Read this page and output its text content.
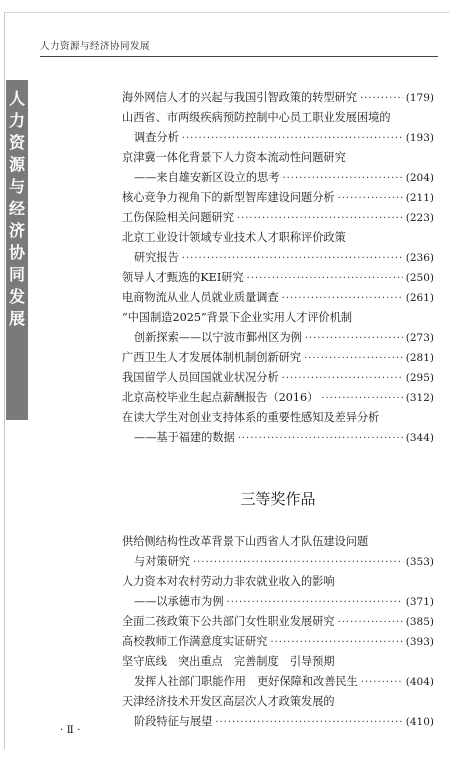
人力资源与经济协同发展
人
力
资
源
与
经
济
协
同
发
展
海外网信人才的兴起与我国引智政策的转型研究 ·····	(179)
山西省、市两级疾病预防控制中心员工职业发展困境的
调查分析 ·····	(193)
京津冀一体化背景下人力资本流动性问题研究
——来自雄安新区设立的思考 ·····	(204)
核心竞争力视角下的新型智库建设问题分析 ·····	(211)
工伤保险相关问题研究 ·····	(223)
北京工业设计领域专业技术人才职称评价政策
研究报告 ·····	(236)
领导人才甄选的KEI研究 ·····	(250)
电商物流从业人员就业质量调查 ·····	(261)
“中国制造2025”背景下企业实用人才评价机制
创新探索——以宁波市鄞州区为例 ·····	(273)
广西卫生人才发展体制机制创新研究 ·····	(281)
我国留学人员回国就业状况分析 ·····	(295)
北京高校毕业生起点薪酬报告（2016） ·····	(312)
在读大学生对创业支持体系的重要性感知及差异分析
——基于福建的数据 ·····	(344)
三等奖作品
供给侧结构性改革背景下山西省人才队伍建设问题
与对策研究 ·····	(353)
人力资本对农村劳动力非农就业收入的影响
——以承德市为例 ·····	(371)
全面二孩政策下公共部门女性职业发展研究 ·····	(385)
高校教师工作满意度实证研究 ·····	(393)
坚守底线　突出重点　完善制度　引导预期
发挥人社部门职能作用　更好保障和改善民生 ·····	(404)
天津经济技术开发区高层次人才政策发展的
阶段特征与展望 ·····	(410)
· Ⅱ ·
